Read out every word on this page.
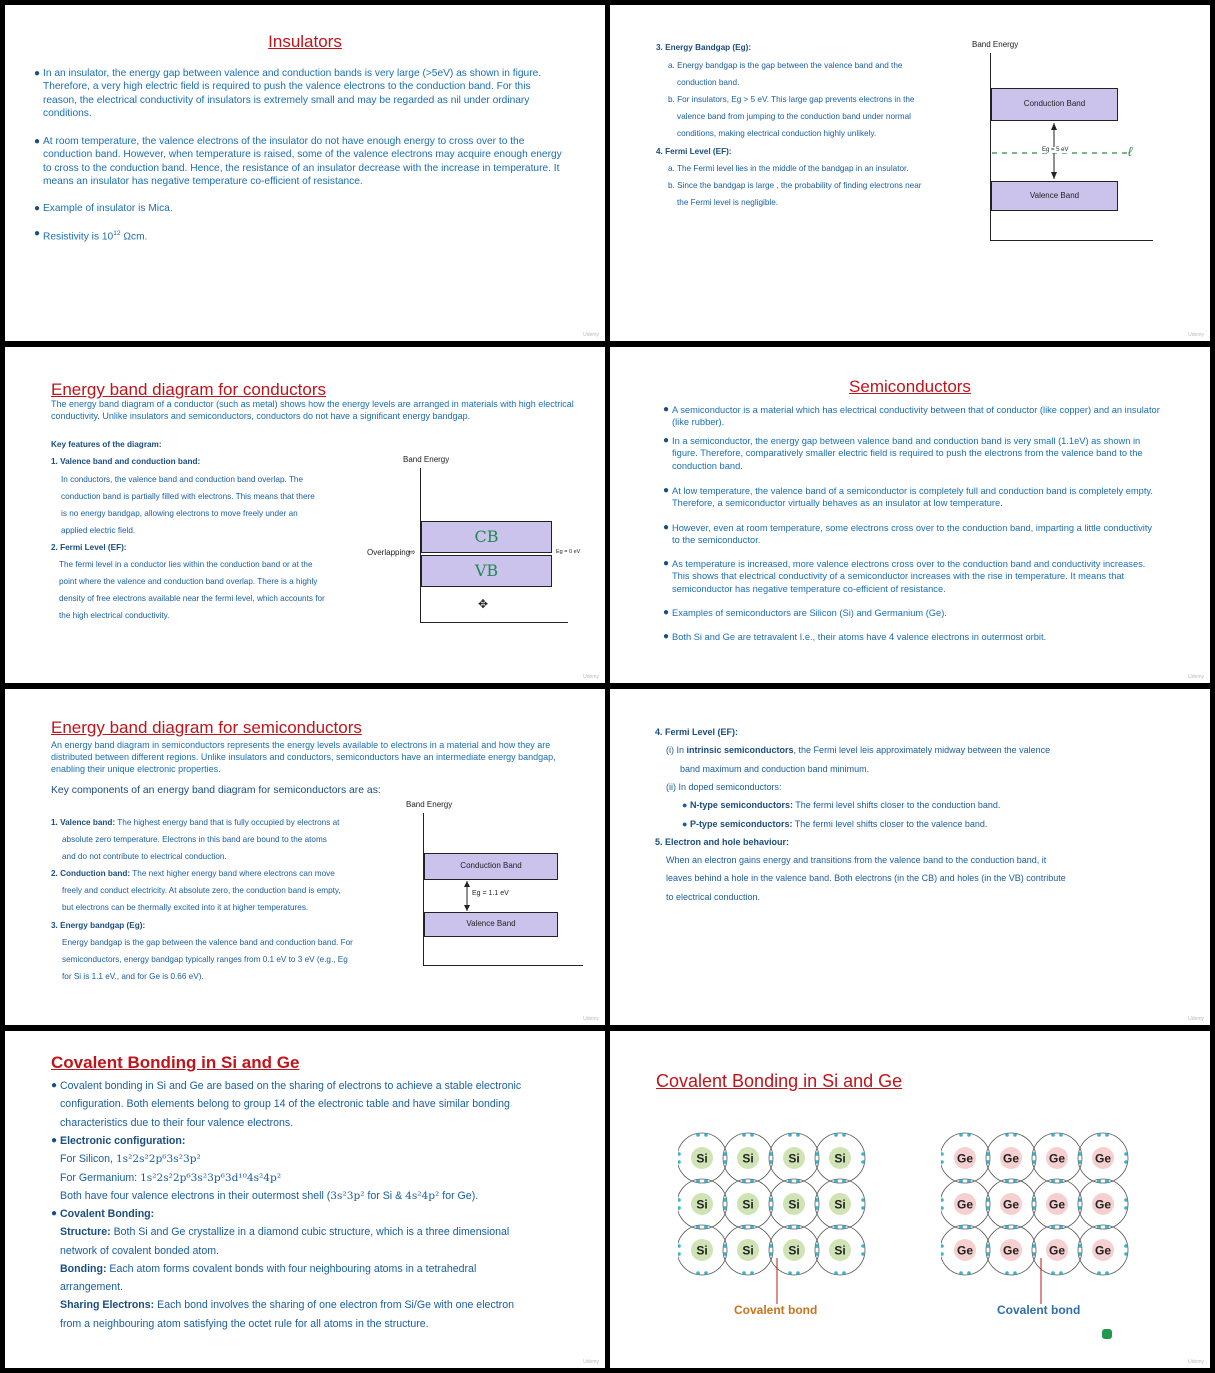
Insulators
● In an insulator, the energy gap between valence and conduction bands is very large (>5eV) as shown in figure. Therefore, a very high electric field is required to push the valence electrons to the conduction band. For this reason, the electrical conductivity of insulators is extremely small and may be regarded as nil under ordinary conditions.
● At room temperature, the valence electrons of the insulator do not have enough energy to cross over to the conduction band. However, when temperature is raised, some of the valence electrons may acquire enough energy to cross to the conduction band. Hence, the resistance of an insulator decrease with the increase in temperature. It means an insulator has negative temperature co-efficient of resistance.
● Example of insulator is Mica.
● Resistivity is $10^{12}$ Ωcm.
Udemy
3. Energy Bandgap (Eg):
a. Energy bandgap is the gap between the valence band and the
conduction band.
b. For insulators, Eg > 5 eV. This large gap prevents electrons in the
valence band from jumping to the conduction band under normal
conditions, making electrical conduction highly unlikely.
4. Fermi Level (EF):
a. The Fermi level lies in the middle of the bandgap in an insulator.
b. Since the bandgap is large , the probability of finding electrons near
the Fermi level is negligible.
Band Energy
Conduction Band
Valence Band
Eg = 5 eV	ℓ
Udemy
Energy band diagram for conductors
The energy band diagram of a conductor (such as metal) shows how the energy levels are arranged in materials with high electrical conductivity. Unlike insulators and semiconductors, conductors do not have a significant energy bandgap.
Key features of the diagram:
1. Valence band and conduction band:
In conductors, the valence band and conduction band overlap. The
conduction band is partially filled with electrons. This means that there
is no energy bandgap, allowing electrons to move freely under an
applied electric field.
2. Fermi Level (EF):
The fermi level in a conductor lies within the conduction band or at the
point where the valence and conduction band overlap. There is a highly
density of free electrons available near the fermi level, which accounts for
the high electrical conductivity.
Band Energy
CB
VB
Overlapping
⇨	Eg = 0 eV
✥
Udemy
Semiconductors
● A semiconductor is a material which has electrical conductivity between that of conductor (like copper) and an insulator (like rubber).
● In a semiconductor, the energy gap between valence band and conduction band is very small (1.1eV) as shown in figure. Therefore, comparatively smaller electric field is required to push the electrons from the valence band to the conduction band.
● At low temperature, the valence band of a semiconductor is completely full and conduction band is completely empty. Therefore, a semiconductor virtually behaves as an insulator at low temperature.
● However, even at room temperature, some electrons cross over to the conduction band, imparting a little conductivity to the semiconductor.
● As temperature is increased, more valence electrons cross over to the conduction band and conductivity increases. This shows that electrical conductivity of a semiconductor increases with the rise in temperature. It means that semiconductor has negative temperature co-efficient of resistance.
● Examples of semiconductors are Silicon (Si) and Germanium (Ge).
● Both Si and Ge are tetravalent I.e., their atoms have 4 valence electrons in outermost orbit.
Udemy
Energy band diagram for semiconductors
An energy band diagram in semiconductors represents the energy levels available to electrons in a material and how they are distributed between different regions. Unlike insulators and conductors, semiconductors have an intermediate energy bandgap, enabling their unique electronic properties.
Key components of an energy band diagram for semiconductors are as:
1. Valence band: The highest energy band that is fully occupied by electrons at
absolute zero temperature. Electrons in this band are bound to the atoms
and do not contribute to electrical conduction.
2. Conduction band: The next higher energy band where electrons can move
freely and conduct electricity. At absolute zero, the conduction band is empty,
but electrons can be thermally excited into it at higher temperatures.
3. Energy bandgap (Eg):
Energy bandgap is the gap between the valence band and conduction band. For
semiconductors, energy bandgap typically ranges from 0.1 eV to 3 eV (e.g., Eg
for Si is 1.1 eV., and for Ge is 0.66 eV).
Band Energy
Conduction Band
Valence Band
Eg = 1.1 eV
Udemy
4. Fermi Level (EF):
(i) In intrinsic semiconductors, the Fermi level leis approximately midway between the valence
band maximum and conduction band minimum.
(ii) In doped semiconductors:
● N-type semiconductors: The fermi level shifts closer to the conduction band.
● P-type semiconductors: The fermi level shifts closer to the valence band.
5. Electron and hole behaviour:
When an electron gains energy and transitions from the valence band to the conduction band, it
leaves behind a hole in the valence band. Both electrons (in the CB) and holes (in the VB) contribute
to electrical conduction.
Udemy
Covalent Bonding in Si and Ge
● Covalent bonding in Si and Ge are based on the sharing of electrons to achieve a stable electronic
configuration. Both elements belong to group 14 of the electronic table and have similar bonding
characteristics due to their four valence electrons.
● Electronic configuration:
For Silicon, 1s²2s²2p⁶3s²3p²
For Germanium: 1s²2s²2p⁶3s²3p⁶3d¹⁰4s²4p²
Both have four valence electrons in their outermost shell (3s²3p² for Si & 4s²4p² for Ge).
● Covalent Bonding:
Structure: Both Si and Ge crystallize in a diamond cubic structure, which is a three dimensional
network of covalent bonded atom.
Bonding: Each atom forms covalent bonds with four neighbouring atoms in a tetrahedral
arrangement.
Sharing Electrons: Each bond involves the sharing of one electron from Si/Ge with one electron
from a neighbouring atom satisfying the octet rule for all atoms in the structure.
Udemy
Covalent Bonding in Si and Ge
Si	Si	Si	Si
Si	Si	Si	Si
Si	Si	Si	Si
Ge Ge Ge Ge
Ge Ge Ge Ge
Ge Ge Ge Ge
Covalent bond	Covalent bond
Udemy
